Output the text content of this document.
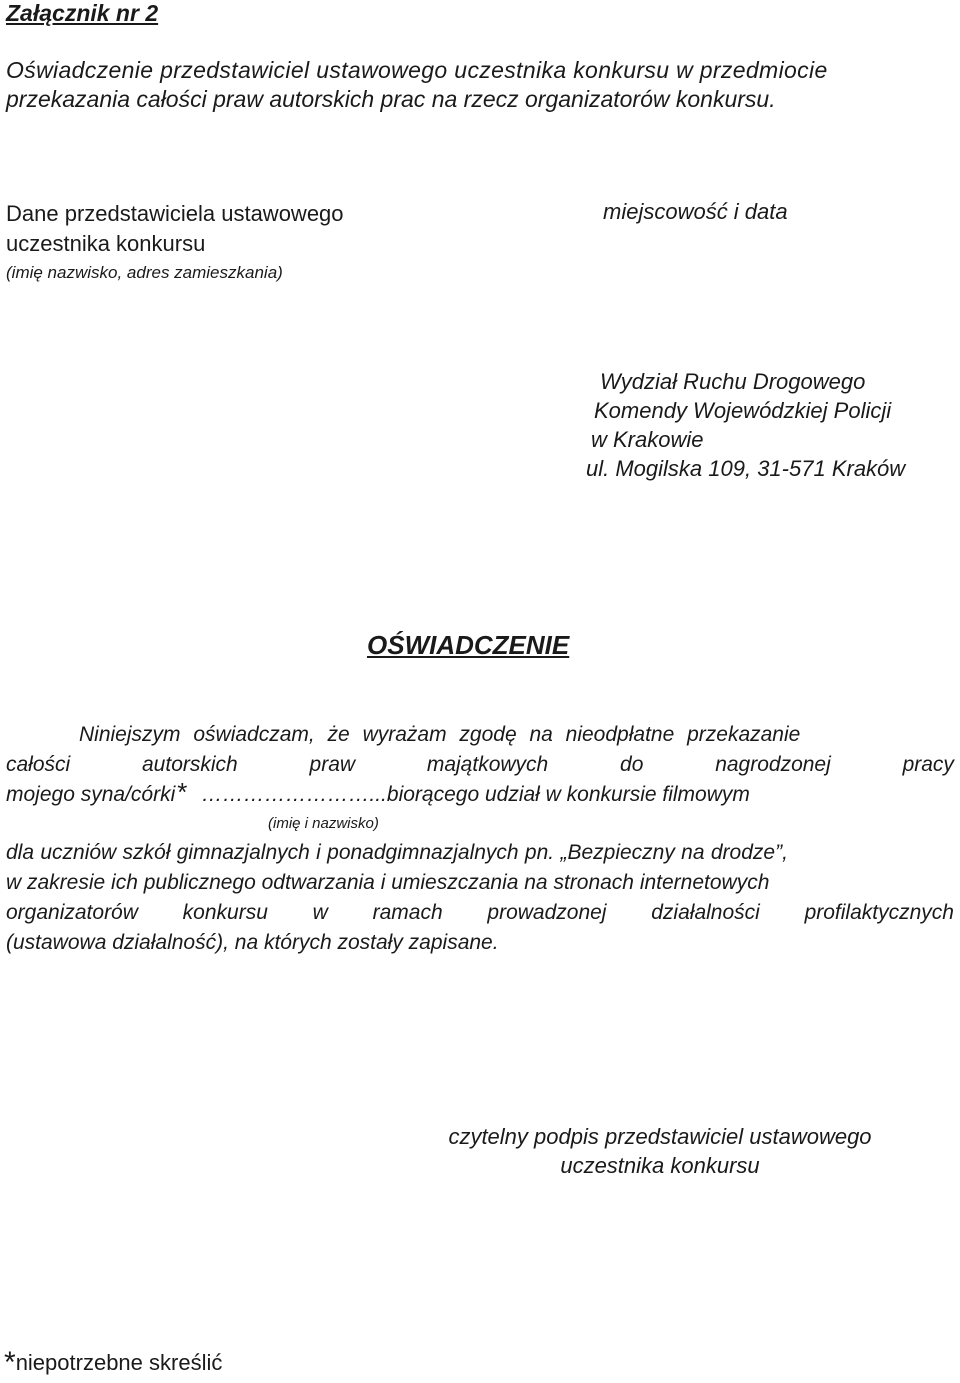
Załącznik nr 2

Oświadczenie przedstawiciel ustawowego uczestnika konkursu w przedmiocie
przekazania całości praw autorskich prac na rzecz organizatorów konkursu.
Dane przedstawiciela ustawowego
uczestnika konkursu
(imię nazwisko, adres zamieszkania)

miejscowość i data

Wydział Ruchu Drogowego
Komendy Wojewódzkiej Policji
w Krakowie
ul. Mogilska 109, 31-571 Kraków

OŚWIADCZENIE

Niniejszym oświadczam, że wyrażam zgodę na nieodpłatne przekazanie
całości	autorskich	praw	majątkowych	do	nagrodzonej	pracy
mojego syna/córki * ……………………... biorącego udział w konkursie filmowym
(imię i nazwisko)
dla uczniów szkół gimnazjalnych i ponadgimnazjalnych pn. „Bezpieczny na drodze”,
w zakresie ich publicznego odtwarzania i umieszczania na stronach internetowych
organizatorów konkursu w ramach prowadzonej działalności profilaktycznych
(ustawowa działalność), na których zostały zapisane.
czytelny podpis przedstawiciel ustawowego
uczestnika konkursu

*niepotrzebne skreślić
